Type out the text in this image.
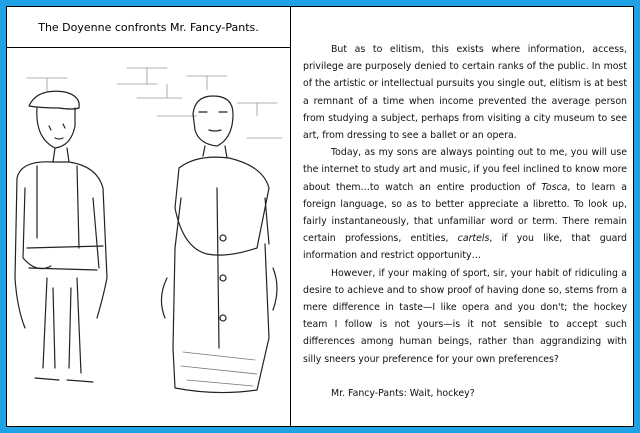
The Doyenne confronts Mr. Fancy-Pants.

But as to elitism, this exists where information, access, privilege are purposely denied to certain ranks of the public. In most of the artistic or intellectual pursuits you single out, elitism is at best a remnant of a time when income prevented the average person from studying a subject, perhaps from visiting a city museum to see art, from dressing to see a ballet or an opera.

Today, as my sons are always pointing out to me, you will use the internet to study art and music, if you feel inclined to know more about them…to watch an entire production of Tosca, to learn a foreign language, so as to better appreciate a libretto. To look up, fairly instantaneously, that unfamiliar word or term. There remain certain professions, entities, cartels, if you like, that guard information and restrict opportunity…

However, if your making of sport, sir, your habit of ridiculing a desire to achieve and to show proof of having done so, stems from a mere difference in taste—I like opera and you don't; the hockey team I follow is not yours—is it not sensible to accept such differences among human beings, rather than aggrandizing with silly sneers your preference for your own preferences?

Mr. Fancy-Pants: Wait, hockey?
